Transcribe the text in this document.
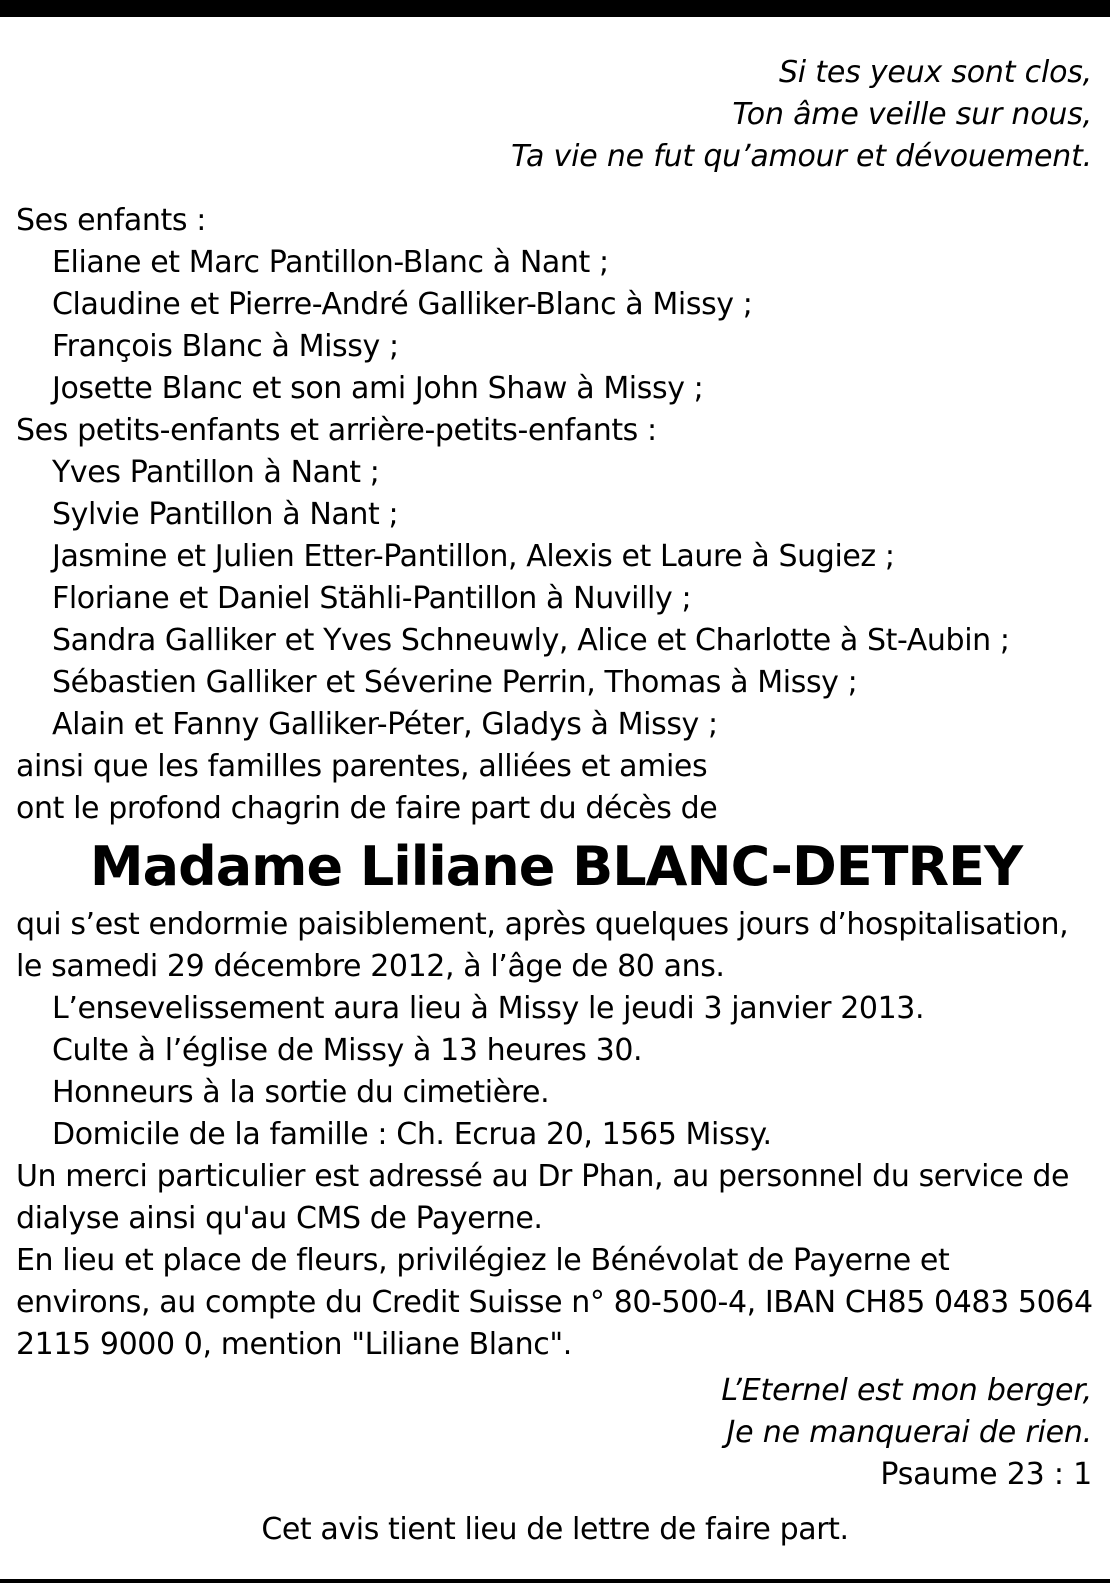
Si tes yeux sont clos,
Ton âme veille sur nous,
Ta vie ne fut qu’amour et dévouement.
Ses enfants :
Eliane et Marc Pantillon-Blanc à Nant ;
Claudine et Pierre-André Galliker-Blanc à Missy ;
François Blanc à Missy ;
Josette Blanc et son ami John Shaw à Missy ;
Ses petits-enfants et arrière-petits-enfants :
Yves Pantillon à Nant ;
Sylvie Pantillon à Nant ;
Jasmine et Julien Etter-Pantillon, Alexis et Laure à Sugiez ;
Floriane et Daniel Stähli-Pantillon à Nuvilly ;
Sandra Galliker et Yves Schneuwly, Alice et Charlotte à St-Aubin ;
Sébastien Galliker et Séverine Perrin, Thomas à Missy ;
Alain et Fanny Galliker-Péter, Gladys à Missy ;
ainsi que les familles parentes, alliées et amies
ont le profond chagrin de faire part du décès de
Madame Liliane BLANC-DETREY
qui s’est endormie paisiblement, après quelques jours d’hospitalisation,
le samedi 29 décembre 2012, à l’âge de 80 ans.
L’ensevelissement aura lieu à Missy le jeudi 3 janvier 2013.
Culte à l’église de Missy à 13 heures 30.
Honneurs à la sortie du cimetière.
Domicile de la famille : Ch. Ecrua 20, 1565 Missy.
Un merci particulier est adressé au Dr Phan, au personnel du service de
dialyse ainsi qu'au CMS de Payerne.
En lieu et place de fleurs, privilégiez le Bénévolat de Payerne et
environs, au compte du Credit Suisse n° 80-500-4, IBAN CH85 0483 5064
2115 9000 0, mention "Liliane Blanc".
L’Eternel est mon berger,
Je ne manquerai de rien.
Psaume 23 : 1
Cet avis tient lieu de lettre de faire part.
